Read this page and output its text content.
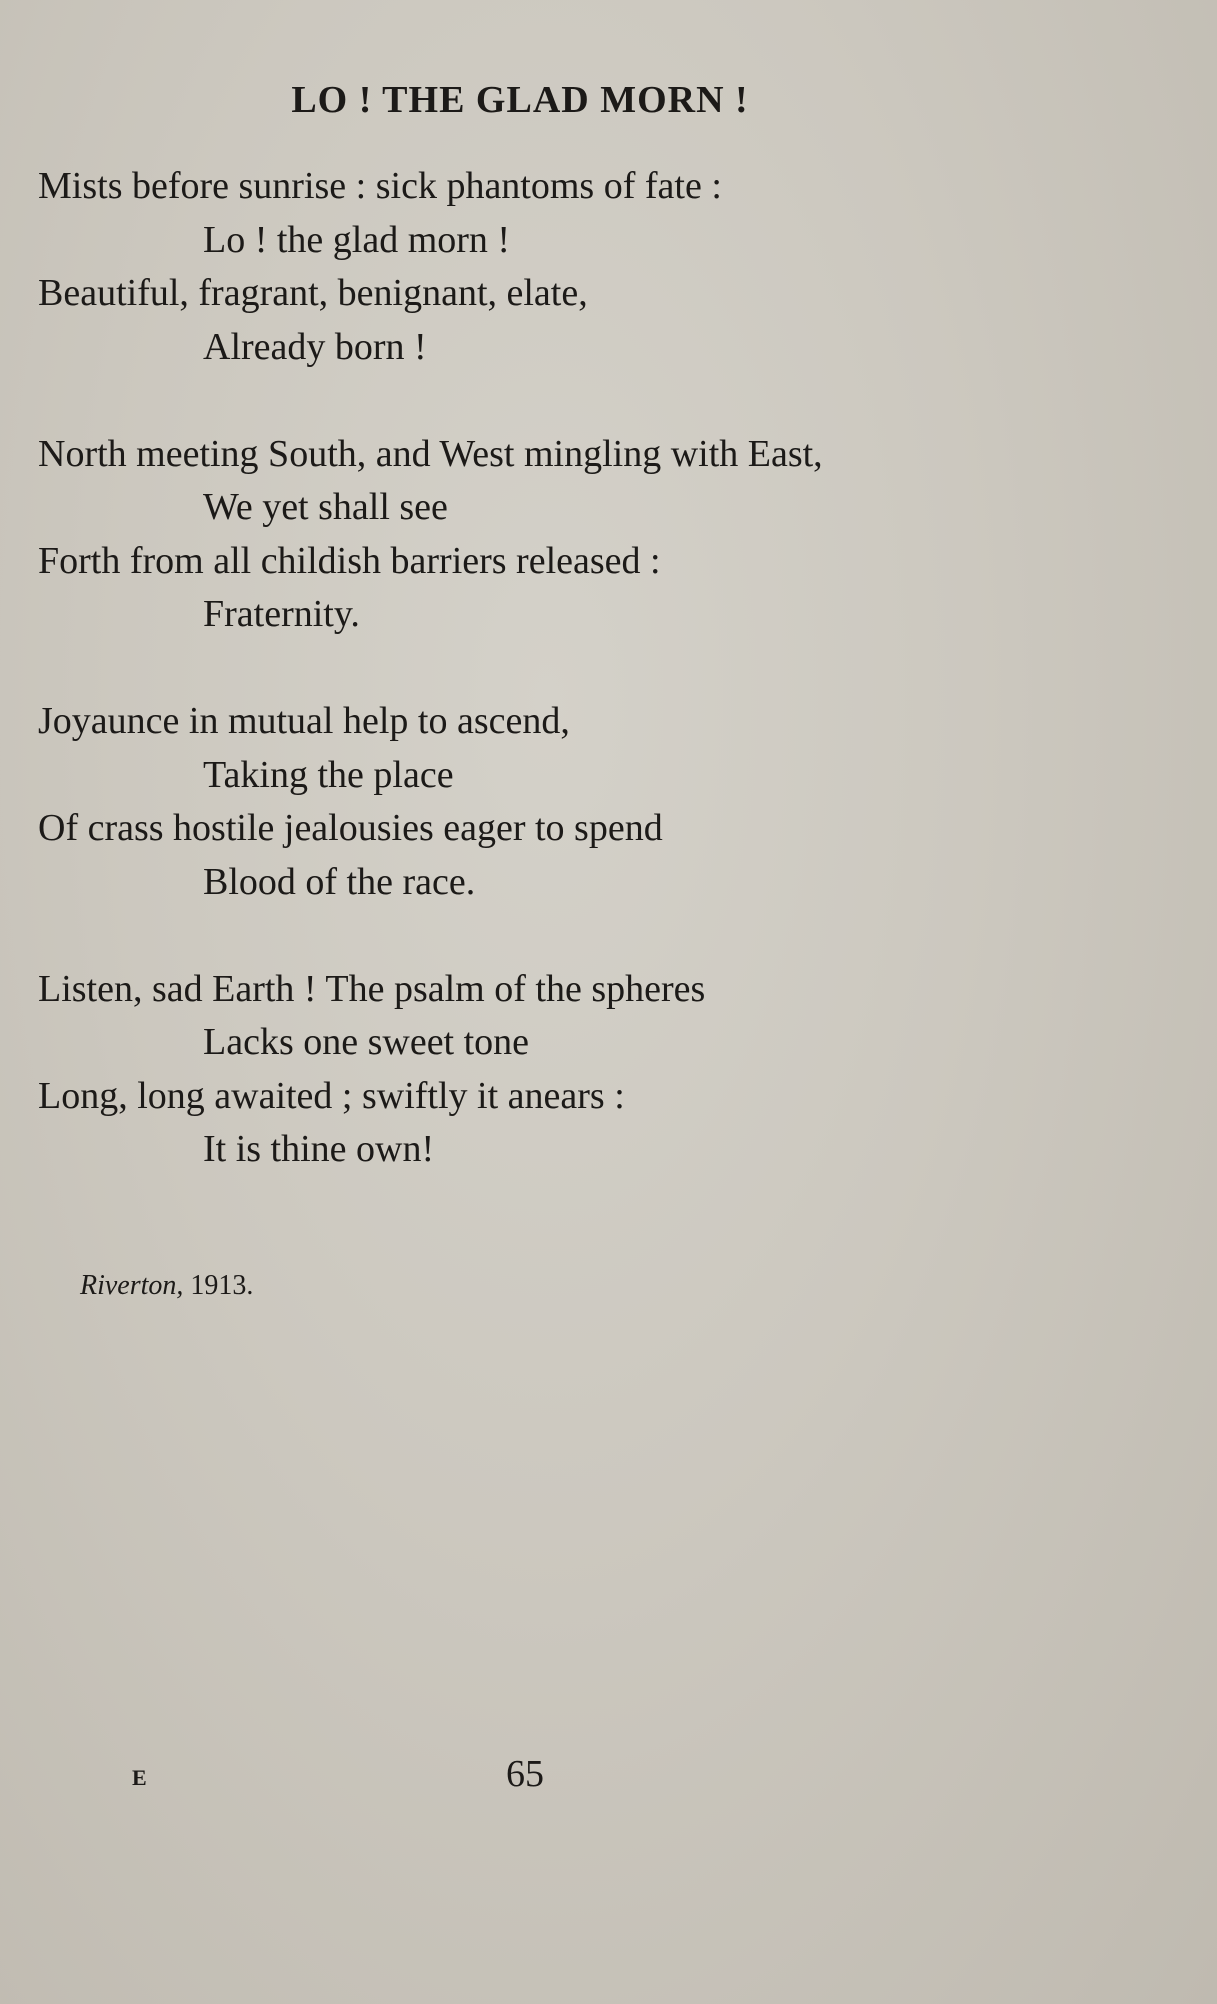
LO ! THE GLAD MORN !
Mists before sunrise : sick phantoms of fate :
Lo ! the glad morn !
Beautiful, fragrant, benignant, elate,
Already born !
North meeting South, and West mingling with East,
We yet shall see
Forth from all childish barriers released :
Fraternity.
Joyaunce in mutual help to ascend,
Taking the place
Of crass hostile jealousies eager to spend
Blood of the race.
Listen, sad Earth ! The psalm of the spheres
Lacks one sweet tone
Long, long awaited ; swiftly it anears :
It is thine own!
Riverton, 1913.
E	65
